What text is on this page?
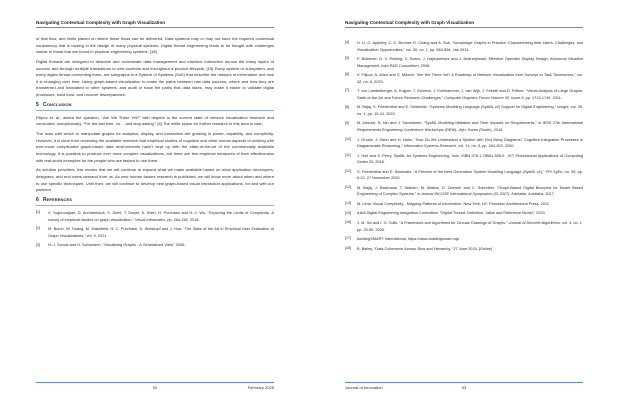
Navigating Contextual Complexity with Graph Visualization

of that flow, and limits placed on where those flows can be delivered. Data systems may or may not have the required contextual consistency that is lacking in the design of many physical systems. Digital thread engineering tends to be fraught with challenges similar to those that are found in physical engineering systems. [18]

Digital threads are designed to describe and orchestrate data management and machine interaction across the many layers of concern and through multiple translations to new contexts and throughout a product lifecycle. [15] Every system or subsystem, and every digital thread connecting them, are subgraphs in a System of Systems (SoS) that describe the network of information and how it is changing over time. Using graph-based visualization to make the paths between raw data sources, where and how they are transferred and translated to other systems, and audit or trace the paths that data takes, may make it easier to validate digital processes, build trust, and uncover discrepancies.

5 Conclusion

Filipov et. al., asked the question, “Are We There Yet?” with respect to the current state of network visualization research and concluded, unequivocally, “For the last time, no… and stop asking.” [6] The white space for further research in this area is vast.

The tools with which to manipulate graphs for analytics, display, and interaction are growing in power, capability, and complexity. However, it is clear from reviewing the available research that empirical studies of cognitive and other human aspects of working with ever-more complicated graph-based data environments hasn’t kept up with the state-of-the-art of the commercially available technology. It is possible to produce ever more complex visualizations, but there are few empirical measures of their effectiveness with real-world examples for the people who are tasked to use them.

As solution providers, this means that we will continue to expand what we make available based on what application developers, designers, and end users demand from us. As new human factors research is published, we will know more about when and where to use specific techniques. Until then, we will continue to develop new graph-based visual interaction applications, for and with our partners.

6 References
[1]	V. Yoghourdjian, D. Archambault, S. Diehl, T. Dwyer, K. Klein, H. Purchase and H.-Y. Wu, “Exploring the Limits of Complexity: A survey of empirical studies on graph visualization,” Visual Informatics, pp. 264-282, 2018.
[2]	M. Burch, W. Huang, M. Wakefield, H. C. Purchase, D. Weiskopf and J. Hua, “The State of the Art in Empirical User Evaluation of Graph Visualizations,” vol. 9, 2021.
[3]	H.-J. Schulz and H. Schumann, “Visualizing Graphs - A Generalized View,” 2006.
92	February 2025
Navigating Contextual Complexity with Graph Visualization
[4]	H. Li, G. Appleby, C. D. Brumar, R. Chang and A. Suh, “Knowledge Graphs in Practice: Characterizing their Users, Challenges, and Visualization Opportunities,” vol. 30, no. 1, pp. 584-594, Jan 2024.
[5]	P. Bullemer, D. V. Reising, C. Burns, J. Hajdukiewicz and J. Andrzejewski, Effective Operator Display Design, Abnormal Situation Management Joint R&D Consortium, 2008.
[6]	V. Filipov, A. Arleo and S. Miksch, “Are We There Yet? A Roadmap of Network Visualization from Surveys to Task Taxonomies,” vol. 42, no. 6, 2023.
[7]	T. von Landesberger, A. Kuijper, T. Schreck, J. Kohlhammer, J. van Wijk, J. Fekete and D. Fellner, “Visual Analysis of Large Graphs: State-of-the-Art and Future Research Challenges,” Computer Graphics Forum Volume 30, Issue 6, pp. 1719-1749, 2011.
[8]	M. Bajaj, S. Friedenthal and E. Seidewitz, “Systems Modeling Language (SysML v2) Support for Digital Engineering,” Insight, vol. 25, no. 1, pp. 19-24, 2022.
[9]	M. Alenazi, N. Niu and J. Savolainen, “SysML Modeling Mistakes and Their Impacts on Requirements,” in IEEE 27th International Requirements Engineering Conference Workshops (REW), Jeju, Korea (South), 2019.
[10]	J. Grudin, J. Hahn and H. Hahn, “How Do We Understand a System with (So) Many Diagrams? Cognitive Integration Processes in Diagrammatic Reasoning,” Information Systems Research, vol. 11, no. 3, pp. 284-303, 2000.
[11]	J. Holt and S. Perry, SysML for Systems Engineering, Vols. ISBN 978-1-78561-555-9 , IET Professional Applications of Computing Series 20, 2018.
[12]	S. Friedenthal and E. Seidewitz, “A Preview of the Next Generation System Modeling Language (SysML v2),” PPI SyEn, no. 95, pp. 6-22, 27 November 2020.
[13]	M. Bajaj, J. Backhaus, T. Walden, M. Waikar, D. Zwemer and C. Schreiber, “Graph-Based Digital Blueprint for Model Based Engineering of Complex Systems,” in Annual INCOSE International Symposium (IS 2017), Adelaide, Australia, 2017.
[14]	M. Lima, Visual Complexity - Mapping Patterns of Information, New York, NY: Princeton Architectural Press, 2011.
[15]	AIAA Digital Engineering Integration Committee, “Digital Thread: Definition, Value and Reference Model,” 2023.
[16]	J. M. Six and I. G. Tollis, “A Framework and Algorithms for Circular Drawings of Graphs,” Journal of Discrete Algorithms, vol. 4, no. 1, pp. 25-50, 2006.
[17]	buildingSMART International, https://www.buildingsmart.org/
[18]	B. Bailey, “Data Coherence Across Silos and Hierarchy,” 27 June 2024. [Online]
Journal of Innovation	93
